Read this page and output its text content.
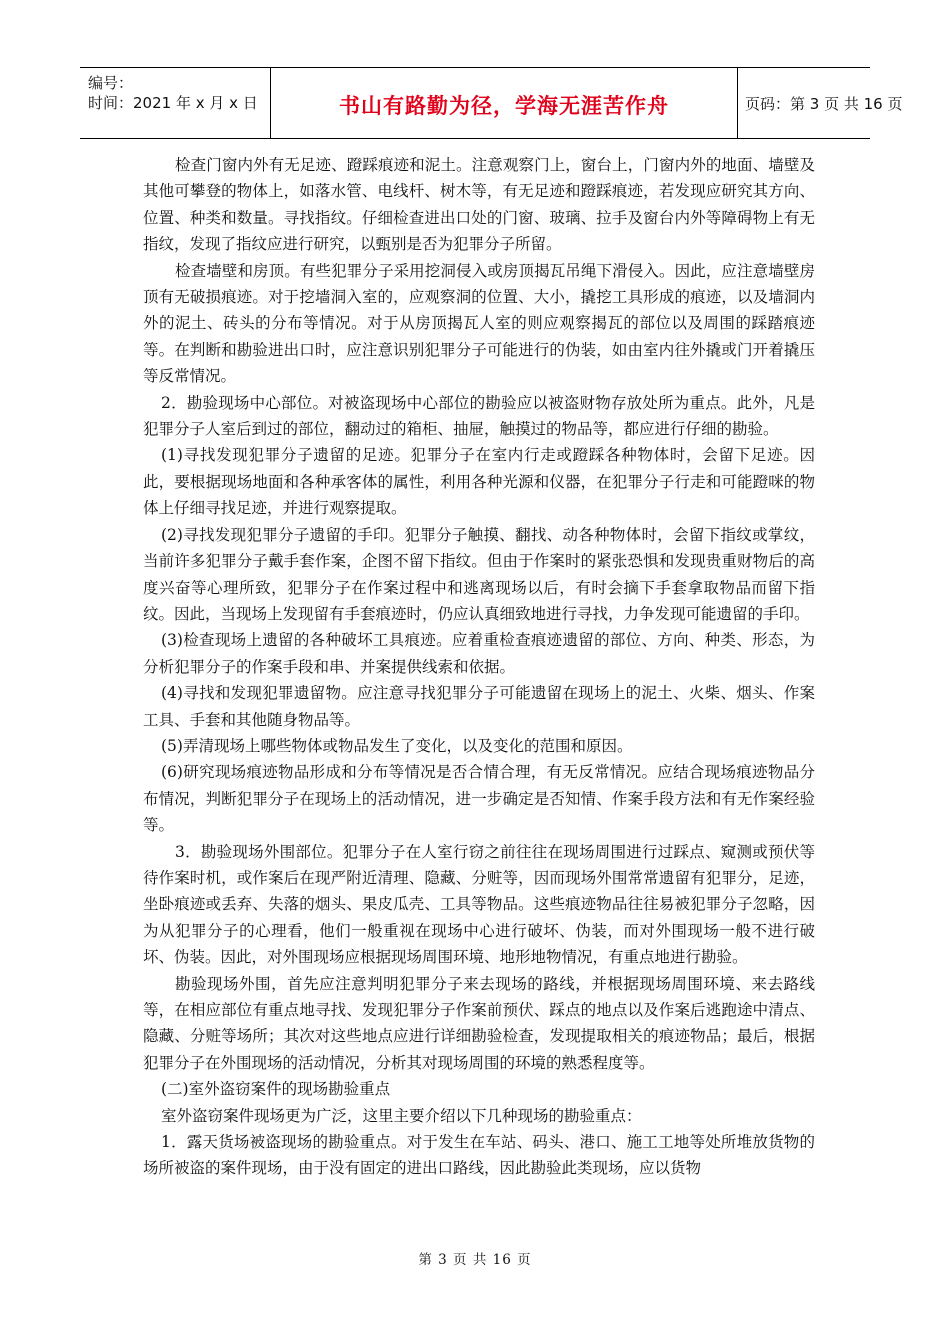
编号：
时间：2021 年 x 月 x 日	书山有路勤为径，学海无涯苦作舟	页码：第 3 页 共 16 页

检查门窗内外有无足迹、蹬踩痕迹和泥土。注意观察门上，窗台上，门窗内外的地面、墙壁及其他可攀登的物体上，如落水管、电线杆、树木等，有无足迹和蹬踩痕迹，若发现应研究其方向、位置、种类和数量。寻找指纹。仔细检查进出口处的门窗、玻璃、拉手及窗台内外等障碍物上有无指纹，发现了指纹应进行研究，以甄别是否为犯罪分子所留。

检查墙壁和房顶。有些犯罪分子采用挖洞侵入或房顶揭瓦吊绳下滑侵入。因此，应注意墙壁房顶有无破损痕迹。对于挖墙洞入室的，应观察洞的位置、大小，撬挖工具形成的痕迹，以及墙洞内外的泥土、砖头的分布等情况。对于从房顶揭瓦人室的则应观察揭瓦的部位以及周围的踩踏痕迹等。在判断和勘验进出口时，应注意识别犯罪分子可能进行的伪装，如由室内往外撬或门开着撬压等反常情况。

2．勘验现场中心部位。对被盗现场中心部位的勘验应以被盗财物存放处所为重点。此外，凡是犯罪分子人室后到过的部位，翻动过的箱柜、抽屉，触摸过的物品等，都应进行仔细的勘验。

(1)寻找发现犯罪分子遗留的足迹。犯罪分子在室内行走或蹬踩各种物体时，会留下足迹。因此，要根据现场地面和各种承客体的属性，利用各种光源和仪器，在犯罪分子行走和可能蹬咪的物体上仔细寻找足迹，并进行观察提取。

(2)寻找发现犯罪分子遗留的手印。犯罪分子触摸、翻找、动各种物体时，会留下指纹或掌纹，当前许多犯罪分子戴手套作案，企图不留下指纹。但由于作案时的紧张恐惧和发现贵重财物后的高度兴奋等心理所致，犯罪分子在作案过程中和逃离现场以后，有时会摘下手套拿取物品而留下指纹。因此，当现场上发现留有手套痕迹时，仍应认真细致地进行寻找，力争发现可能遗留的手印。

(3)检查现场上遗留的各种破坏工具痕迹。应着重检查痕迹遗留的部位、方向、种类、形态，为分析犯罪分子的作案手段和串、并案提供线索和依据。

(4)寻找和发现犯罪遗留物。应注意寻找犯罪分子可能遗留在现场上的泥土、火柴、烟头、作案工具、手套和其他随身物品等。

(5)弄清现场上哪些物体或物品发生了变化，以及变化的范围和原因。

(6)研究现场痕迹物品形成和分布等情况是否合情合理，有无反常情况。应结合现场痕迹物品分布情况，判断犯罪分子在现场上的活动情况，进一步确定是否知情、作案手段方法和有无作案经验等。

3．勘验现场外围部位。犯罪分子在人室行窃之前往往在现场周围进行过踩点、窥测或预伏等待作案时机，或作案后在现严附近清理、隐藏、分赃等，因而现场外围常常遗留有犯罪分，足迹，坐卧痕迹或丢弃、失落的烟头、果皮瓜壳、工具等物品。这些痕迹物品往往易被犯罪分子忽略，因为从犯罪分子的心理看，他们一般重视在现场中心进行破坏、伪装，而对外围现场一般不进行破坏、伪装。因此，对外围现场应根据现场周围环境、地形地物情况，有重点地进行勘验。

勘验现场外围，首先应注意判明犯罪分子来去现场的路线，并根据现场周围环境、来去路线等，在相应部位有重点地寻找、发现犯罪分子作案前预伏、踩点的地点以及作案后逃跑途中清点、隐藏、分赃等场所；其次对这些地点应进行详细勘验检查，发现提取相关的痕迹物品；最后，根据犯罪分子在外围现场的活动情况，分析其对现场周围的环境的熟悉程度等。

(二)室外盗窃案件的现场勘验重点

室外盗窃案件现场更为广泛，这里主要介绍以下几种现场的勘验重点：

1．露天货场被盗现场的勘验重点。对于发生在车站、码头、港口、施工工地等处所堆放货物的场所被盗的案件现场，由于没有固定的进出口路线，因此勘验此类现场，应以货物

第 3 页 共 16 页
